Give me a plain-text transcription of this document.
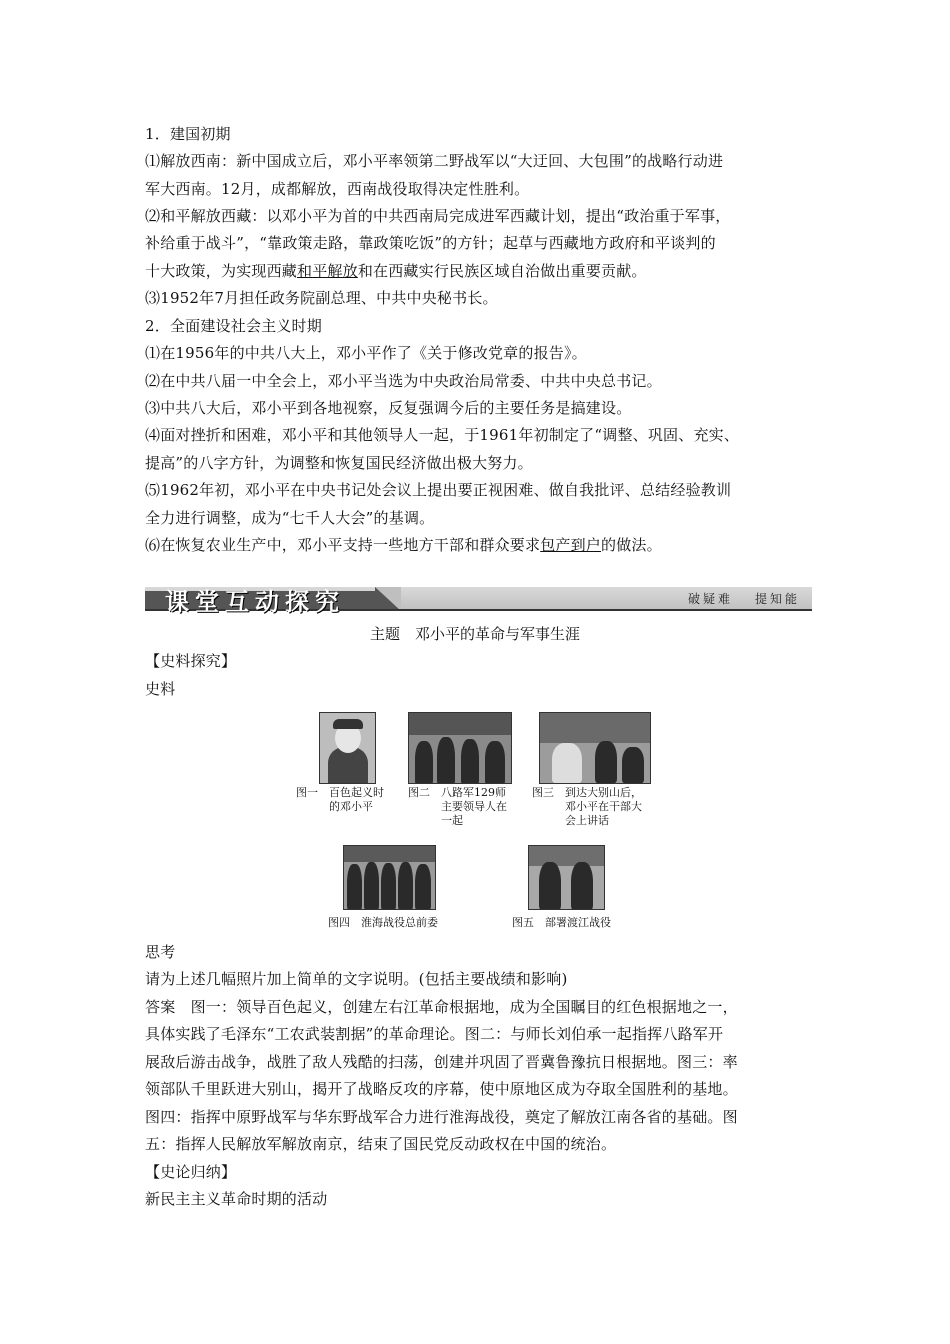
1．建国初期
⑴解放西南：新中国成立后，邓小平率领第二野战军以“大迂回、大包围”的战略行动进
军大西南。12月，成都解放，西南战役取得决定性胜利。
⑵和平解放西藏：以邓小平为首的中共西南局完成进军西藏计划，提出“政治重于军事，
补给重于战斗”，“靠政策走路，靠政策吃饭”的方针；起草与西藏地方政府和平谈判的
十大政策，为实现西藏和平解放和在西藏实行民族区域自治做出重要贡献。
⑶1952年7月担任政务院副总理、中共中央秘书长。
2．全面建设社会主义时期
⑴在1956年的中共八大上，邓小平作了《关于修改党章的报告》。
⑵在中共八届一中全会上，邓小平当选为中央政治局常委、中共中央总书记。
⑶中共八大后，邓小平到各地视察，反复强调今后的主要任务是搞建设。
⑷面对挫折和困难，邓小平和其他领导人一起，于1961年初制定了“调整、巩固、充实、
提高”的八字方针，为调整和恢复国民经济做出极大努力。
⑸1962年初，邓小平在中央书记处会议上提出要正视困难、做自我批评、总结经验教训
全力进行调整，成为“七千人大会”的基调。
⑹在恢复农业生产中，邓小平支持一些地方干部和群众要求包产到户的做法。
课堂互动探究	破疑难 提知能
主题　邓小平的革命与军事生涯
【史料探究】
史料
图一　百色起义时
　　　的邓小平
图二　八路军129师
　　　主要领导人在
　　　一起
图三　到达大别山后，
　　　邓小平在干部大
　　　会上讲话
图四　淮海战役总前委	图五　部署渡江战役
思考
请为上述几幅照片加上简单的文字说明。(包括主要战绩和影响)
答案　图一：领导百色起义，创建左右江革命根据地，成为全国瞩目的红色根据地之一，
具体实践了毛泽东“工农武装割据”的革命理论。图二：与师长刘伯承一起指挥八路军开
展敌后游击战争，战胜了敌人残酷的扫荡，创建并巩固了晋冀鲁豫抗日根据地。图三：率
领部队千里跃进大别山，揭开了战略反攻的序幕，使中原地区成为夺取全国胜利的基地。
图四：指挥中原野战军与华东野战军合力进行淮海战役，奠定了解放江南各省的基础。图
五：指挥人民解放军解放南京，结束了国民党反动政权在中国的统治。
【史论归纳】
新民主主义革命时期的活动
